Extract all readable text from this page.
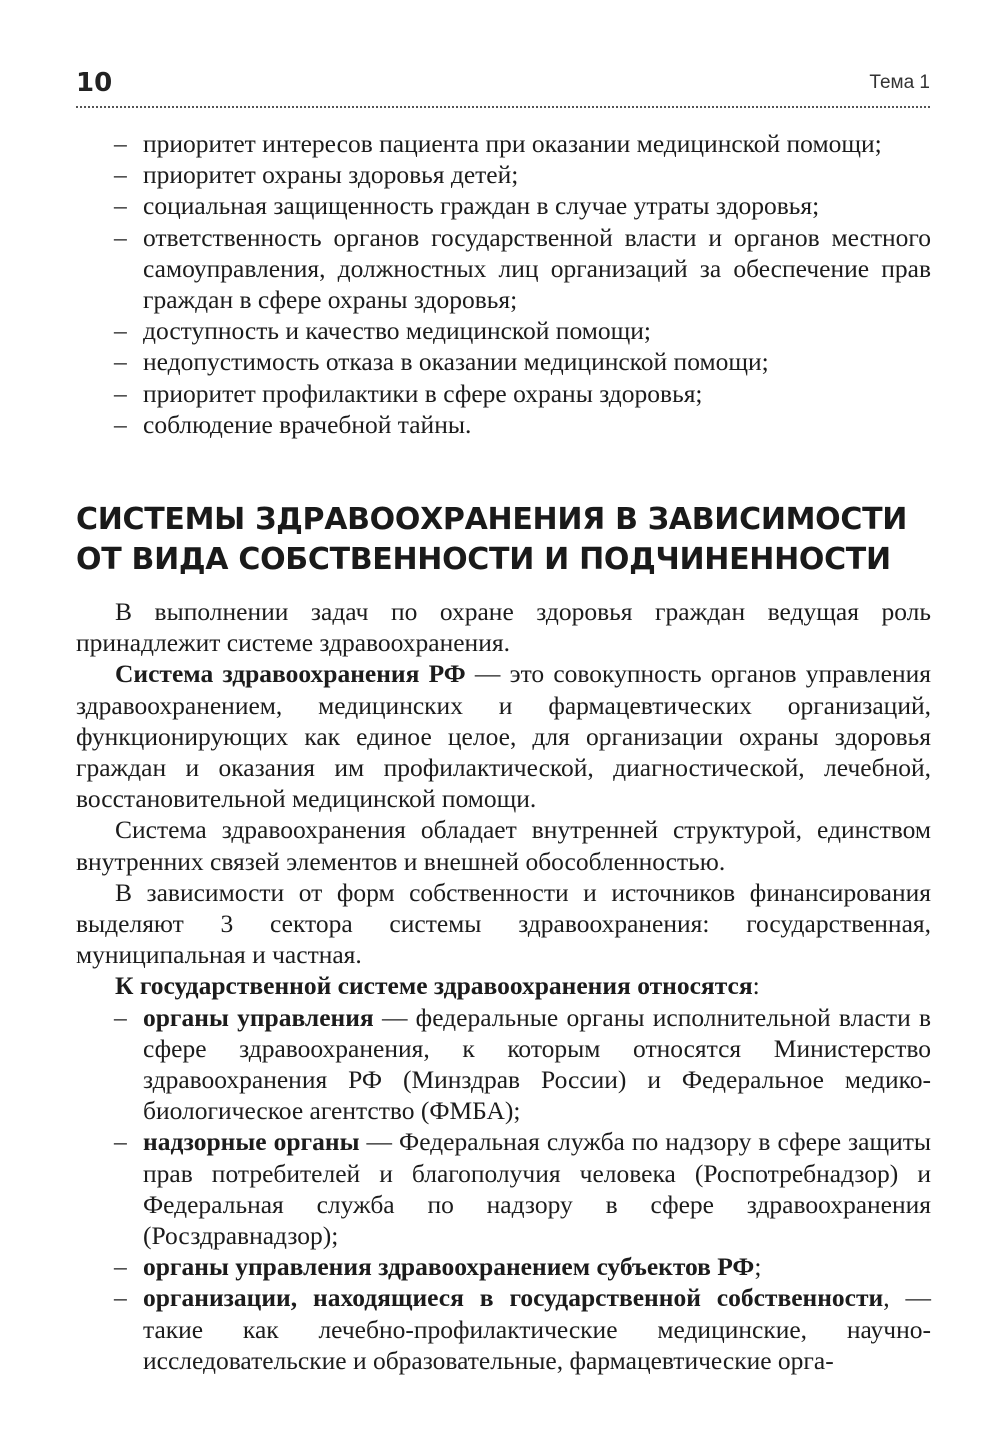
10	Тема 1
– приоритет интересов пациента при оказании медицинской помощи;
– приоритет охраны здоровья детей;
– социальная защищенность граждан в случае утраты здоровья;
– ответственность органов государственной власти и органов местного самоуправления, должностных лиц организаций за обеспечение прав граждан в сфере охраны здоровья;
– доступность и качество медицинской помощи;
– недопустимость отказа в оказании медицинской помощи;
– приоритет профилактики в сфере охраны здоровья;
– соблюдение врачебной тайны.
СИСТЕМЫ ЗДРАВООХРАНЕНИЯ В ЗАВИСИМОСТИ ОТ ВИДА СОБСТВЕННОСТИ И ПОДЧИНЕННОСТИ

В выполнении задач по охране здоровья граждан ведущая роль принадлежит системе здравоохранения.

Система здравоохранения РФ — это совокупность органов управления здравоохранением, медицинских и фармацевтических организаций, функционирующих как единое целое, для организации охраны здоровья граждан и оказания им профилактической, диагностической, лечебной, восстановительной медицинской помощи.

Система здравоохранения обладает внутренней структурой, единством внутренних связей элементов и внешней обособленностью.

В зависимости от форм собственности и источников финансирования выделяют 3 сектора системы здравоохранения: государственная, муниципальная и частная.

К государственной системе здравоохранения относятся:

– органы управления — федеральные органы исполнительной власти в сфере здравоохранения, к которым относятся Министерство здравоохранения РФ (Минздрав России) и Федеральное медико-биологическое агентство (ФМБА);
– надзорные органы — Федеральная служба по надзору в сфере защиты прав потребителей и благополучия человека (Роспотребнадзор) и Федеральная служба по надзору в сфере здравоохранения (Росздравнадзор);
– органы управления здравоохранением субъектов РФ;
– организации, находящиеся в государственной собственности, — такие как лечебно-профилактические медицинские, научно-исследовательские и образовательные, фармацевтические орга-
